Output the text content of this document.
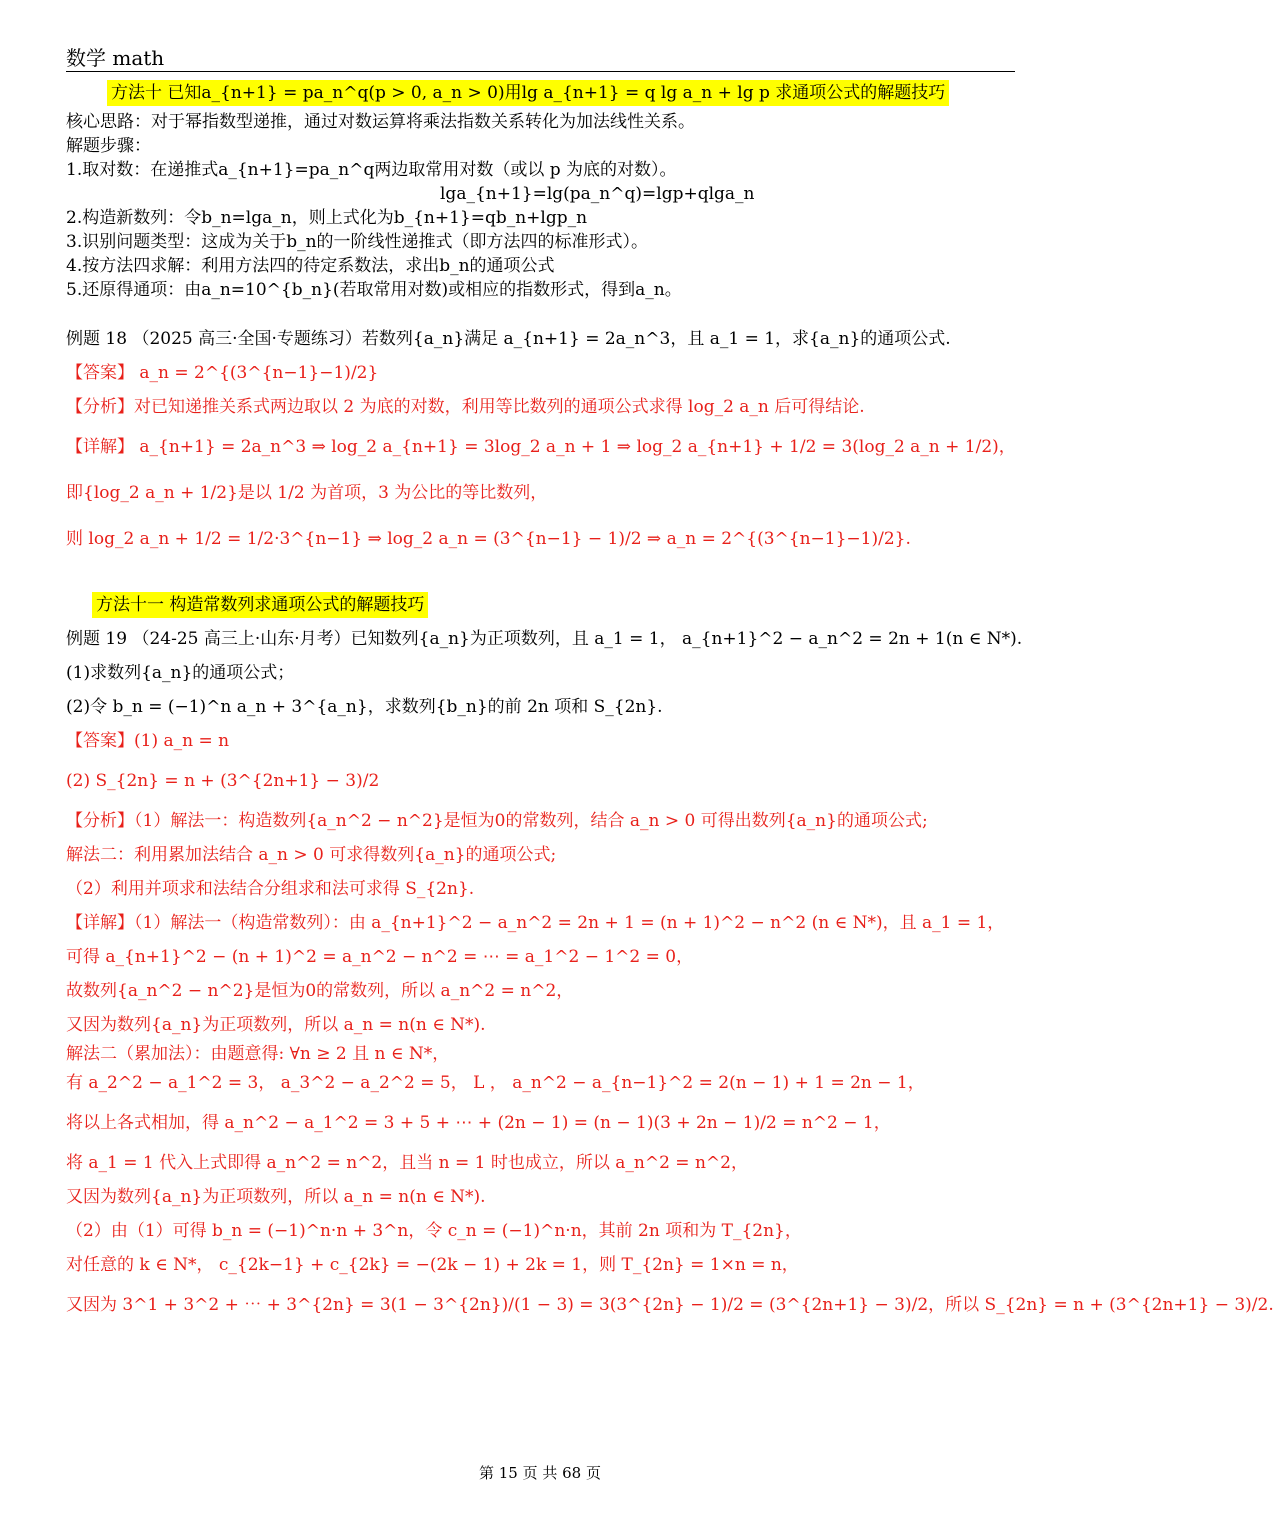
数学 math
方法十 已知a_{n+1} = pa_n^q(p > 0, a_n > 0)用lg a_{n+1} = q lg a_n + lg p 求通项公式的解题技巧
核心思路：对于幂指数型递推，通过对数运算将乘法指数关系转化为加法线性关系。
解题步骤：
1.取对数：在递推式a_{n+1}=pa_n^q两边取常用对数（或以 p 为底的对数）。
lga_{n+1}=lg(pa_n^q)=lgp+qlga_n
2.构造新数列：令b_n=lga_n，则上式化为b_{n+1}=qb_n+lgp_n
3.识别问题类型：这成为关于b_n的一阶线性递推式（即方法四的标准形式）。
4.按方法四求解：利用方法四的待定系数法，求出b_n的通项公式
5.还原得通项：由a_n=10^{b_n}(若取常用对数)或相应的指数形式，得到a_n。
例题 18 （2025 高三·全国·专题练习）若数列{a_n}满足 a_{n+1} = 2a_n^3，且 a_1 = 1，求{a_n}的通项公式.
【答案】 a_n = 2^{(3^{n−1}−1)/2}
【分析】对已知递推关系式两边取以 2 为底的对数，利用等比数列的通项公式求得 log_2 a_n 后可得结论.
【详解】 a_{n+1} = 2a_n^3 ⇒ log_2 a_{n+1} = 3log_2 a_n + 1 ⇒ log_2 a_{n+1} + 1/2 = 3(log_2 a_n + 1/2)，
即{log_2 a_n + 1/2}是以 1/2 为首项，3 为公比的等比数列，
则 log_2 a_n + 1/2 = 1/2·3^{n−1} ⇒ log_2 a_n = (3^{n−1} − 1)/2 ⇒ a_n = 2^{(3^{n−1}−1)/2}.
方法十一 构造常数列求通项公式的解题技巧
例题 19 （24-25 高三上·山东·月考）已知数列{a_n}为正项数列，且 a_1 = 1， a_{n+1}^2 − a_n^2 = 2n + 1(n ∈ N*).
(1)求数列{a_n}的通项公式；
(2)令 b_n = (−1)^n a_n + 3^{a_n}，求数列{b_n}的前 2n 项和 S_{2n}.
【答案】(1) a_n = n
(2) S_{2n} = n + (3^{2n+1} − 3)/2
【分析】（1）解法一：构造数列{a_n^2 − n^2}是恒为0的常数列，结合 a_n > 0 可得出数列{a_n}的通项公式;
解法二：利用累加法结合 a_n > 0 可求得数列{a_n}的通项公式;
（2）利用并项求和法结合分组求和法可求得 S_{2n}.
【详解】（1）解法一（构造常数列）：由 a_{n+1}^2 − a_n^2 = 2n + 1 = (n + 1)^2 − n^2 (n ∈ N*)，且 a_1 = 1，
可得 a_{n+1}^2 − (n + 1)^2 = a_n^2 − n^2 = ⋯ = a_1^2 − 1^2 = 0，
故数列{a_n^2 − n^2}是恒为0的常数列，所以 a_n^2 = n^2，
又因为数列{a_n}为正项数列，所以 a_n = n(n ∈ N*).
解法二（累加法）：由题意得: ∀n ≥ 2 且 n ∈ N*，
有 a_2^2 − a_1^2 = 3， a_3^2 − a_2^2 = 5， L ， a_n^2 − a_{n−1}^2 = 2(n − 1) + 1 = 2n − 1，
将以上各式相加，得 a_n^2 − a_1^2 = 3 + 5 + ⋯ + (2n − 1) = (n − 1)(3 + 2n − 1)/2 = n^2 − 1，
将 a_1 = 1 代入上式即得 a_n^2 = n^2，且当 n = 1 时也成立，所以 a_n^2 = n^2，
又因为数列{a_n}为正项数列，所以 a_n = n(n ∈ N*).
（2）由（1）可得 b_n = (−1)^n·n + 3^n，令 c_n = (−1)^n·n，其前 2n 项和为 T_{2n}，
对任意的 k ∈ N*， c_{2k−1} + c_{2k} = −(2k − 1) + 2k = 1，则 T_{2n} = 1×n = n，
又因为 3^1 + 3^2 + ⋯ + 3^{2n} = 3(1 − 3^{2n})/(1 − 3) = 3(3^{2n} − 1)/2 = (3^{2n+1} − 3)/2，所以 S_{2n} = n + (3^{2n+1} − 3)/2.
第 15 页 共 68 页
